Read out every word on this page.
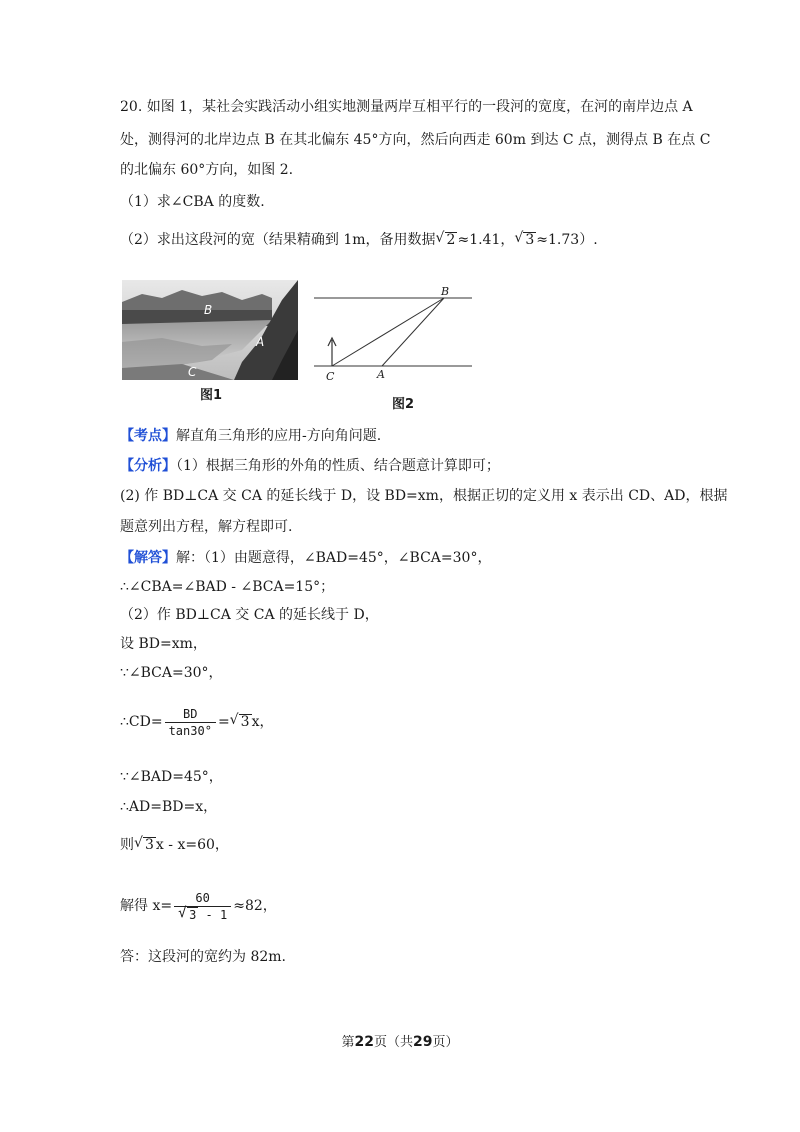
20. 如图 1，某社会实践活动小组实地测量两岸互相平行的一段河的宽度，在河的南岸边点 A
处，测得河的北岸边点 B 在其北偏东 45°方向，然后向西走 60m 到达 C 点，测得点 B 在点 C
的北偏东 60°方向，如图 2.
（1）求∠CBA 的度数.
（2）求出这段河的宽（结果精确到 1m，备用数据 √ 2 ≈1.41， √ 3 ≈1.73）.
B
A
C
图1
B
C	A
图2
【考点】解直角三角形的应用-方向角问题.
【分析】（1）根据三角形的外角的性质、结合题意计算即可；
(2) 作 BD⊥CA 交 CA 的延长线于 D，设 BD=xm，根据正切的定义用 x 表示出 CD、AD，根据
题意列出方程，解方程即可.
【解答】解：（1）由题意得，∠BAD=45°，∠BCA=30°，
∴∠CBA=∠BAD - ∠BCA=15°；
（2）作 BD⊥CA 交 CA 的延长线于 D，
设 BD=xm，
∵∠BCA=30°，
∴CD= $\frac{BD}{\tan 30^\circ}$ = √ 3 x，
∵∠BAD=45°，
∴AD=BD=x，
则 √ 3 x - x=60，
解得 x= 60
√ 3 - 1 ≈82，
答：这段河的宽约为 82m.
第22页（共29页）
